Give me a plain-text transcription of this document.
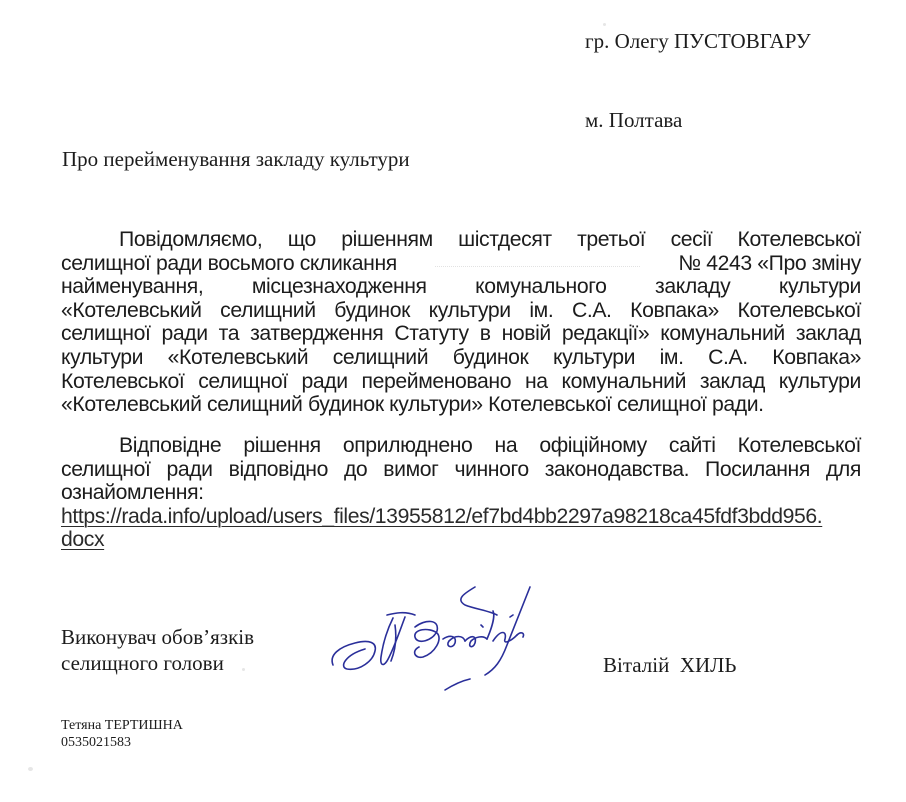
гр. Олегу ПУСТОВГАРУ
м. Полтава
Про перейменування закладу культури
Повідомляємо, що рішенням шістдесят третьої сесії Котелевської
селищної ради восьмого скликання	№ 4243 «Про зміну
найменування, місцезнаходження комунального закладу культури
«Котелевський селищний будинок культури ім. С.А. Ковпака» Котелевської
селищної ради та затвердження Статуту в новій редакції» комунальний заклад
культури «Котелевський селищний будинок культури ім. С.А. Ковпака»
Котелевської селищної ради перейменовано на комунальний заклад культури
«Котелевський селищний будинок культури» Котелевської селищної ради.
Відповідне рішення оприлюднено на офіційному сайті Котелевської
селищної ради відповідно до вимог чинного законодавства. Посилання для
ознайомлення:
https://rada.info/upload/users_files/13955812/ef7bd4bb2297a98218ca45fdf3bdd956.
docx
Виконувач обов’язків
селищного голови	Віталій  ХИЛЬ
Тетяна ТЕРТИШНА
0535021583
